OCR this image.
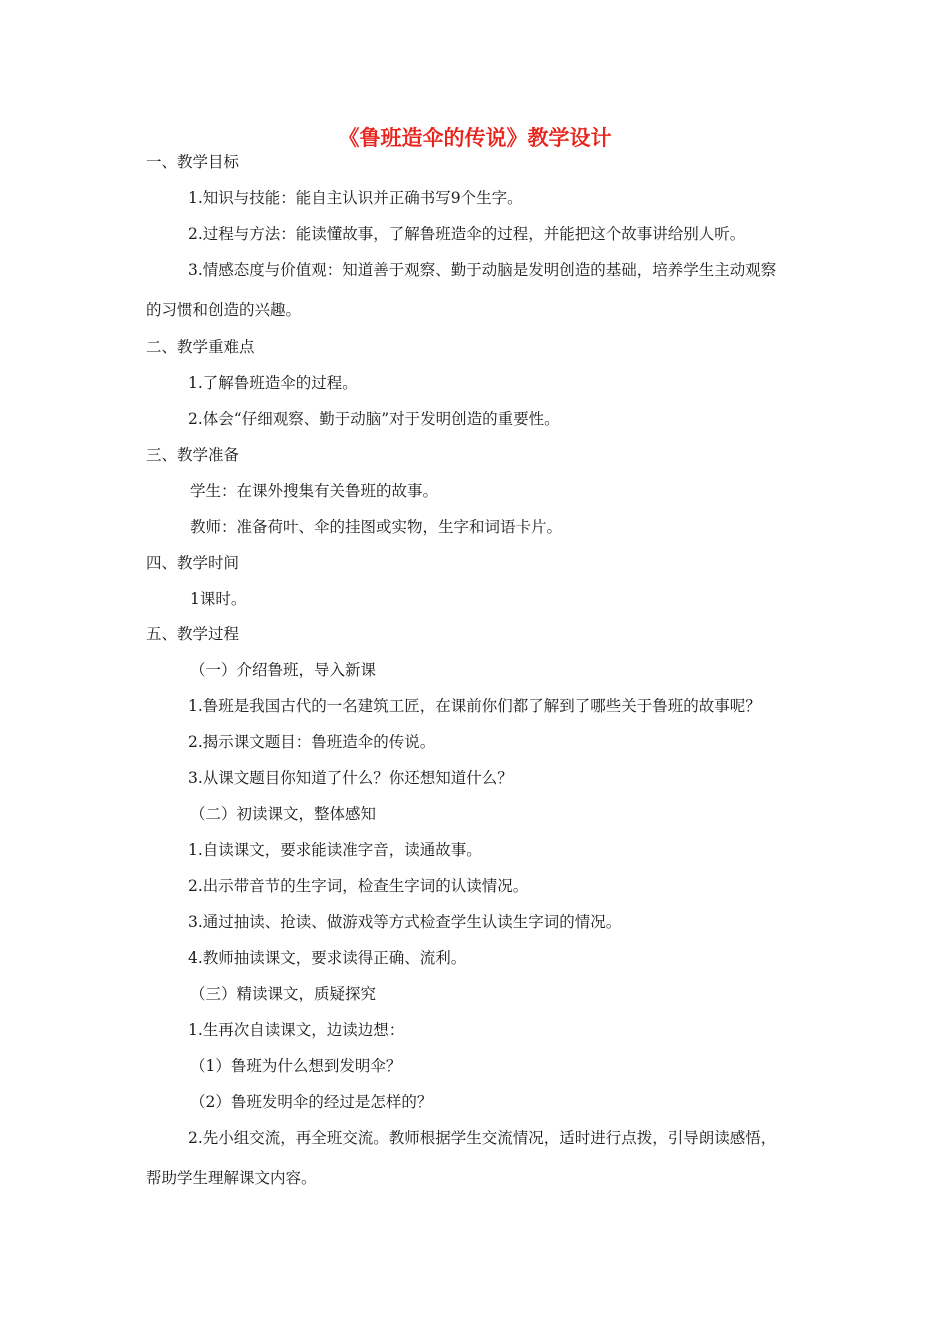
《鲁班造伞的传说》教学设计
一、教学目标
1.知识与技能：能自主认识并正确书写9个生字。
2.过程与方法：能读懂故事，了解鲁班造伞的过程，并能把这个故事讲给别人听。
3.情感态度与价值观：知道善于观察、勤于动脑是发明创造的基础，培养学生主动观察
的习惯和创造的兴趣。
二、教学重难点
1.了解鲁班造伞的过程。
2.体会“仔细观察、勤于动脑”对于发明创造的重要性。
三、教学准备
学生：在课外搜集有关鲁班的故事。
教师：准备荷叶、伞的挂图或实物，生字和词语卡片。
四、教学时间
1课时。
五、教学过程
（一）介绍鲁班，导入新课
1.鲁班是我国古代的一名建筑工匠，在课前你们都了解到了哪些关于鲁班的故事呢？
2.揭示课文题目：鲁班造伞的传说。
3.从课文题目你知道了什么？你还想知道什么？
（二）初读课文，整体感知
1.自读课文，要求能读准字音，读通故事。
2.出示带音节的生字词，检查生字词的认读情况。
3.通过抽读、抢读、做游戏等方式检查学生认读生字词的情况。
4.教师抽读课文，要求读得正确、流利。
（三）精读课文，质疑探究
1.生再次自读课文，边读边想：
（1）鲁班为什么想到发明伞？
（2）鲁班发明伞的经过是怎样的？
2.先小组交流，再全班交流。教师根据学生交流情况，适时进行点拨，引导朗读感悟，
帮助学生理解课文内容。
